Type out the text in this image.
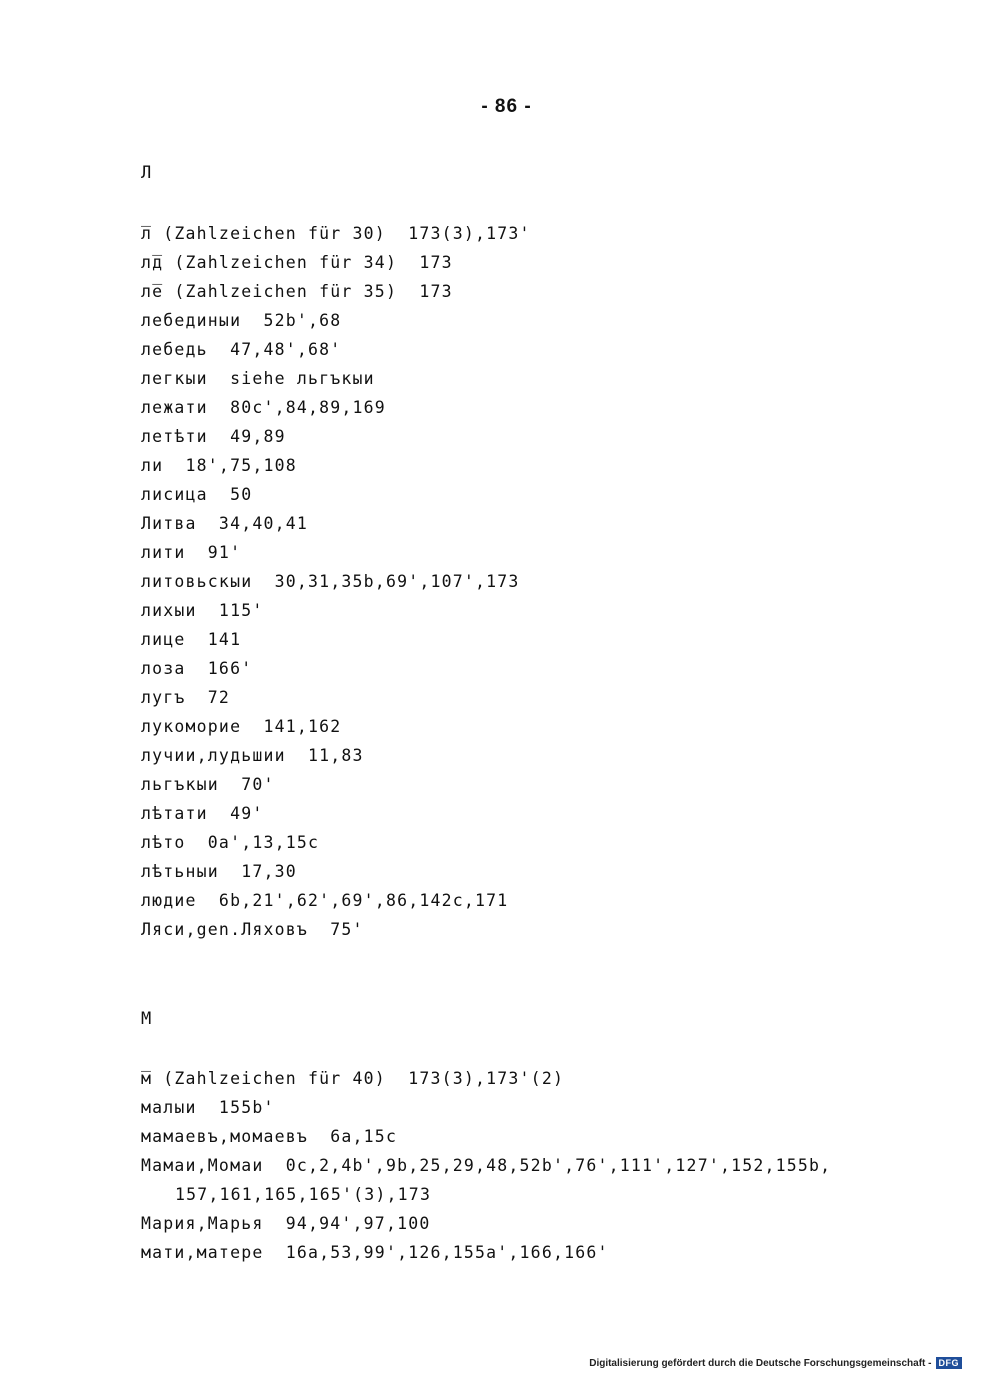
- 86 -
Л
л̅ (Zahlzeichen für 30)  173(3),173'
лд̅ (Zahlzeichen für 34)  173
ле̅ (Zahlzeichen für 35)  173
лебединыи  52b',68
лебедь  47,48',68'
легкыи  siehe льгъкыи
лежати  80c',84,89,169
летѣти  49,89
ли  18',75,108
лисица  50
Литва  34,40,41
лити  91'
литовьскыи  30,31,35b,69',107',173
лихыи  115'
лице  141
лоза  166'
лугъ  72
лукоморие  141,162
лучии,лудьшии  11,83
льгъкыи  70'
лѣтати  49'
лѣто  0a',13,15c
лѣтьныи  17,30
людие  6b,21',62',69',86,142c,171
Ляси,gen.Ляховъ  75'
М
м̅ (Zahlzeichen für 40)  173(3),173'(2)
малыи  155b'
мамаевъ,момаевъ  6a,15c
Мамаи,Момаи  0c,2,4b',9b,25,29,48,52b',76',111',127',152,155b,
157,161,165,165'(3),173
Мария,Марья  94,94',97,100
мати,матере  16a,53,99',126,155a',166,166'
Digitalisierung gefördert durch die Deutsche Forschungsgemeinschaft - DFG
